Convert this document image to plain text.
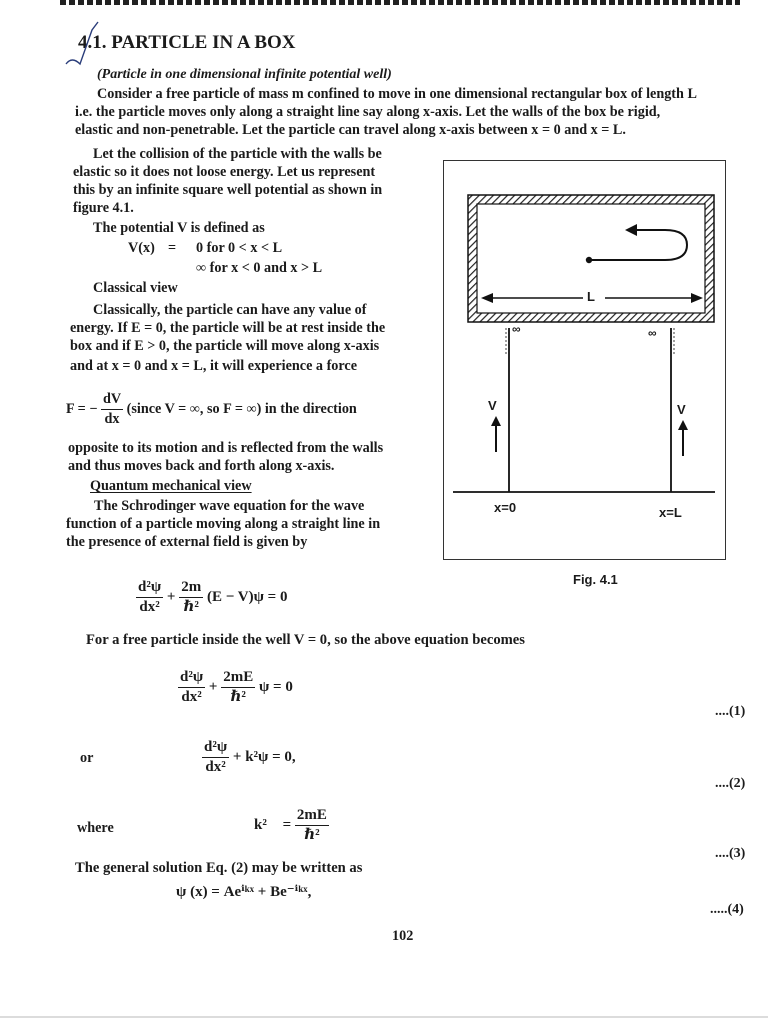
4.1. PARTICLE IN A BOX
(Particle in one dimensional infinite potential well)
Consider a free particle of mass m confined to move in one dimensional rectangular box of length L
i.e. the particle moves only along a straight line say along x-axis. Let the walls of the box be rigid,
elastic and non-penetrable. Let the particle can travel along x-axis between x = 0 and x = L.
Let the collision of the particle with the walls be
elastic so it does not loose energy. Let us represent
this by an infinite square well potential as shown in
figure 4.1.
The potential V is defined as
V(x) = 0 for 0 < x < L
∞ for x < 0 and x > L
Classical view
Classically, the particle can have any value of
energy. If E = 0, the particle will be at rest inside the
box and if E > 0, the particle will move along x-axis
and at x = 0 and x = L, it will experience a force
F = − $\frac{dV}{dx}$ (since V = ∞, so F = ∞) in the direction
opposite to its motion and is reflected from the walls
and thus moves back and forth along x-axis.
Quantum mechanical view
The Schrodinger wave equation for the wave
function of a particle moving along a straight line in
the presence of external field is given by
L
∞	∞
V	V
x=0	x=L
Fig. 4.1
$\frac{\text{d²ψ}}{\text{dx²}} + \frac{2m}{\text{ℏ²}} (E - V)\psi = 0$
For a free particle inside the well V = 0, so the above equation becomes
$\frac{\text{d²ψ}}{\text{dx²}} + \frac{2mE}{\text{ℏ²}}$ ψ = 0
....(1)
or	$\frac{\text{d²ψ}}{\text{dx²}} + k^2\psi = 0$,
....(2)
where	$k^2 = \frac{2mE}{\text{ℏ²}}$
....(3)
The general solution Eq. (2) may be written as
ψ (x) = Aeⁱᵏˣ + Be⁻ⁱᵏˣ,
.....(4)
102
